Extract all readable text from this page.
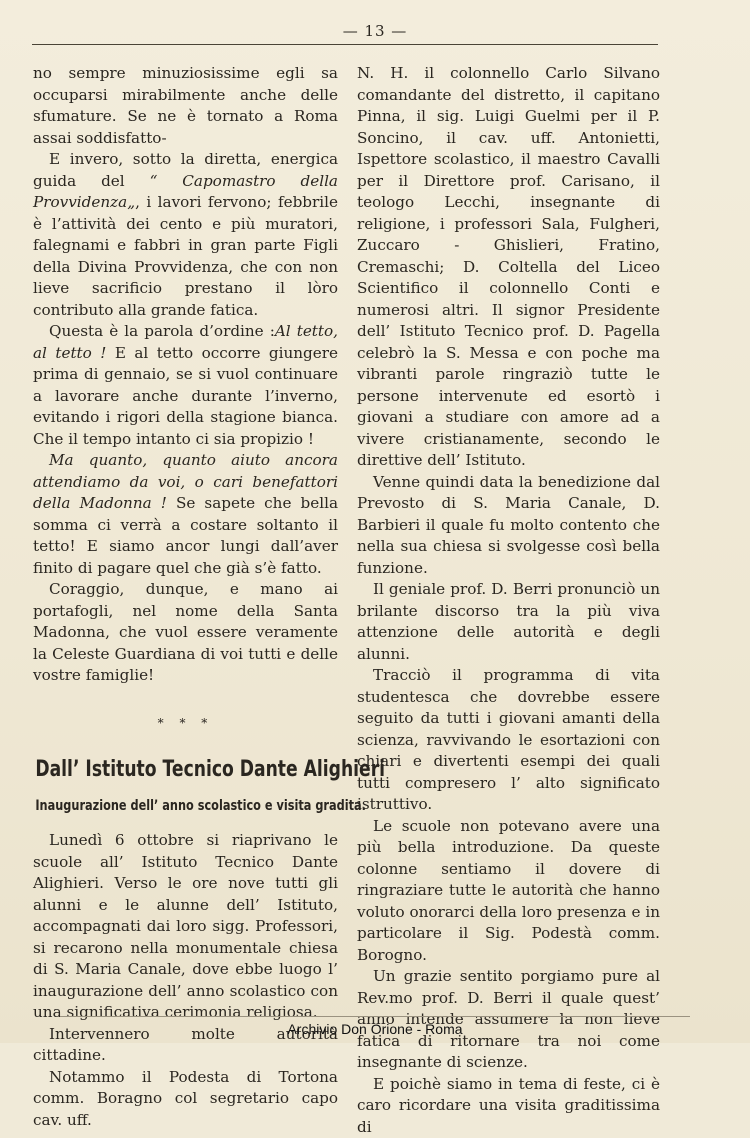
— 13 —

no sempre minuziosissime egli sa occuparsi mirabilmente anche delle sfumature. Se ne è tornato a Roma assai soddisfatto-

E invero, sotto la diretta, energica guida del “ Capomastro della Provvidenza„, i lavori fervono; febbrile è l’attività dei cento e più muratori, falegnami e fabbri in gran parte Figli della Divina Provvidenza, che con non lieve sacrificio prestano il lòro contributo alla grande fatica.

Questa è la parola d’ordine :Al tetto, al tetto ! E al tetto occorre giungere prima di gennaio, se si vuol continuare a lavorare anche durante l’inverno, evitando i rigori della stagione bianca. Che il tempo intanto ci sia propizio !

Ma quanto, quanto aiuto ancora attendiamo da voi, o cari benefattori della Madonna ! Se sapete che bella somma ci verrà a costare soltanto il tetto! E siamo ancor lungi dall’aver finito di pagare quel che già s’è fatto.

Coraggio, dunque, e mano ai portafogli, nel nome della Santa Madonna, che vuol essere veramente la Celeste Guardiana di voi tutti e delle vostre famiglie!

* * *
Dall’ Istituto Tecnico Dante Alighieri
Inaugurazione dell’ anno scolastico e visita gradita.

Lunedì 6 ottobre si riaprivano le scuole all’ Istituto Tecnico Dante Alighieri. Verso le ore nove tutti gli alunni e le alunne dell’ Istituto, accompagnati dai loro sigg. Professori, si recarono nella monumentale chiesa di S. Maria Canale, dove ebbe luogo l’ inaugurazione dell’ anno scolastico con una significativa cerimonia religiosa.

Intervennero molte autorità cittadine.

Notammo il Podesta di Tortona comm. Boragno col segretario capo cav. uff.

N. H. il colonnello Carlo Silvano comandante del distretto, il capitano Pinna, il sig. Luigi Guelmi per il P. Soncino, il cav. uff. Antonietti, Ispettore scolastico, il maestro Cavalli per il Direttore prof. Carisano, il teologo Lecchi, insegnante di religione, i professori Sala, Fulgheri, Zuccaro - Ghislieri, Fratino, Cremaschi; D. Coltella del Liceo Scientifico il colonnello Conti e numerosi altri. Il signor Presidente dell’ Istituto Tecnico prof. D. Pagella celebrò la S. Messa e con poche ma vibranti parole ringraziò tutte le persone intervenute ed esortò i giovani a studiare con amore ad a vivere cristianamente, secondo le direttive dell’ Istituto.

Venne quindi data la benedizione dal Prevosto di S. Maria Canale, D. Barbieri il quale fu molto contento che nella sua chiesa si svolgesse così bella funzione.

Il geniale prof. D. Berri pronunciò un brilante discorso tra la più viva attenzione delle autorità e degli alunni.

Tracciò il programma di vita studentesca che dovrebbe essere seguito da tutti i giovani amanti della scienza, ravvivando le esortazioni con chiari e divertenti esempi dei quali tutti compresero l’ alto significato istruttivo.

Le scuole non potevano avere una più bella introduzione. Da queste colonne sentiamo il dovere di ringraziare tutte le autorità che hanno voluto onorarci della loro presenza e in particolare il Sig. Podestà comm. Borogno.

Un grazie sentito porgiamo pure al Rev.mo prof. D. Berri il quale quest’ anno intende assumere la non lieve fatica di ritornare tra noi come insegnante di scienze.

E poichè siamo in tema di feste, ci è caro ricordare una visita graditissima di

Archivio Don Orione - Roma
